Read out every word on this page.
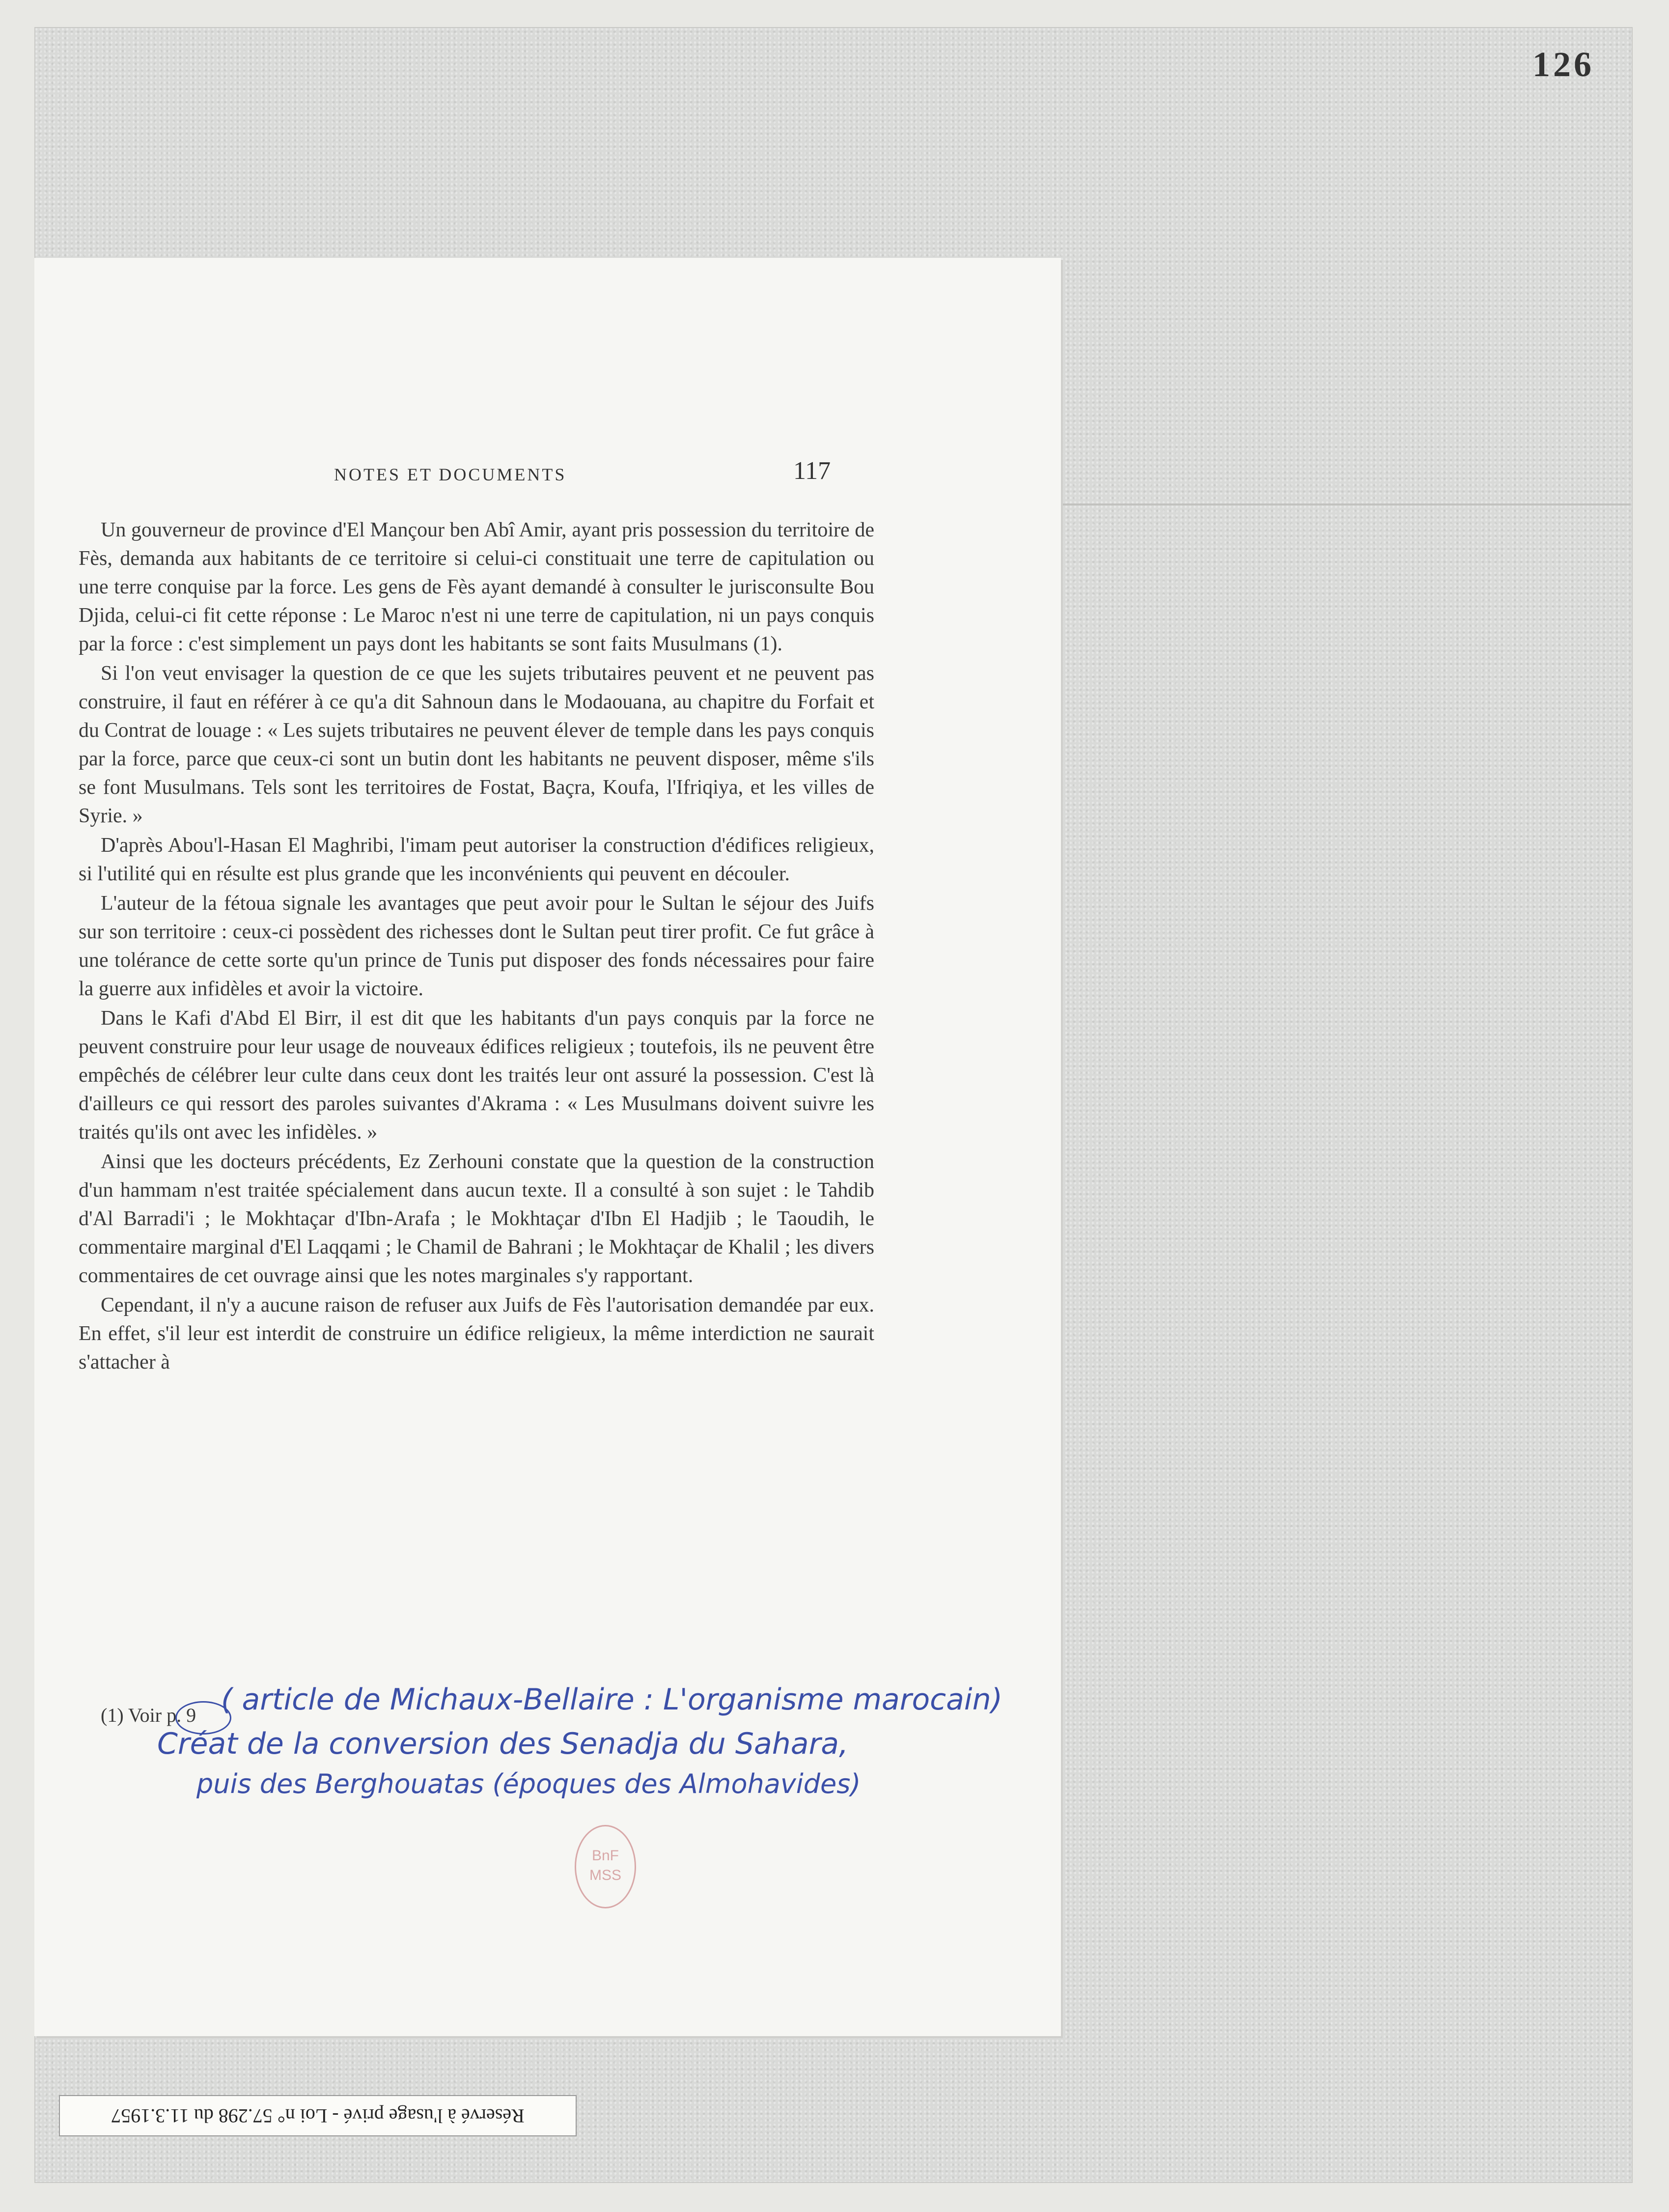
126
NOTES ET DOCUMENTS	117

Un gouverneur de province d'El Mançour ben Abî Amir, ayant pris possession du territoire de Fès, demanda aux habitants de ce territoire si celui-ci constituait une terre de capitulation ou une terre conquise par la force. Les gens de Fès ayant demandé à consulter le jurisconsulte Bou Djida, celui-ci fit cette réponse : Le Maroc n'est ni une terre de capitulation, ni un pays conquis par la force : c'est simplement un pays dont les habitants se sont faits Musulmans (1).

Si l'on veut envisager la question de ce que les sujets tributaires peuvent et ne peuvent pas construire, il faut en référer à ce qu'a dit Sahnoun dans le Modaouana, au chapitre du Forfait et du Contrat de louage : « Les sujets tributaires ne peuvent élever de temple dans les pays conquis par la force, parce que ceux-ci sont un butin dont les habitants ne peuvent disposer, même s'ils se font Musulmans. Tels sont les territoires de Fostat, Baçra, Koufa, l'Ifriqiya, et les villes de Syrie. »

D'après Abou'l-Hasan El Maghribi, l'imam peut autoriser la construction d'édifices religieux, si l'utilité qui en résulte est plus grande que les inconvénients qui peuvent en découler.

L'auteur de la fétoua signale les avantages que peut avoir pour le Sultan le séjour des Juifs sur son territoire : ceux-ci possèdent des richesses dont le Sultan peut tirer profit. Ce fut grâce à une tolérance de cette sorte qu'un prince de Tunis put disposer des fonds nécessaires pour faire la guerre aux infidèles et avoir la victoire.

Dans le Kafi d'Abd El Birr, il est dit que les habitants d'un pays conquis par la force ne peuvent construire pour leur usage de nouveaux édifices religieux ; toutefois, ils ne peuvent être empêchés de célébrer leur culte dans ceux dont les traités leur ont assuré la possession. C'est là d'ailleurs ce qui ressort des paroles suivantes d'Akrama : « Les Musulmans doivent suivre les traités qu'ils ont avec les infidèles. »

Ainsi que les docteurs précédents, Ez Zerhouni constate que la question de la construction d'un hammam n'est traitée spécialement dans aucun texte. Il a consulté à son sujet : le Tahdib d'Al Barradi'i ; le Mokhtaçar d'Ibn-Arafa ; le Mokhtaçar d'Ibn El Hadjib ; le Taoudih, le commentaire marginal d'El Laqqami ; le Chamil de Bahrani ; le Mokhtaçar de Khalil ; les divers commentaires de cet ouvrage ainsi que les notes marginales s'y rapportant.

Cependant, il n'y a aucune raison de refuser aux Juifs de Fès l'autorisation demandée par eux. En effet, s'il leur est interdit de construire un édifice religieux, la même interdiction ne saurait s'attacher à

(1) Voir p. 9 ( article de Michaux-Bellaire : L'organisme marocain)
Créat de la conversion des Senadja du Sahara,
puis des Berghouatas (époques des Almohavides)
BnF
MSS
Réservé à l'usage privé - Loi n° 57.298 du 11.3.1957
